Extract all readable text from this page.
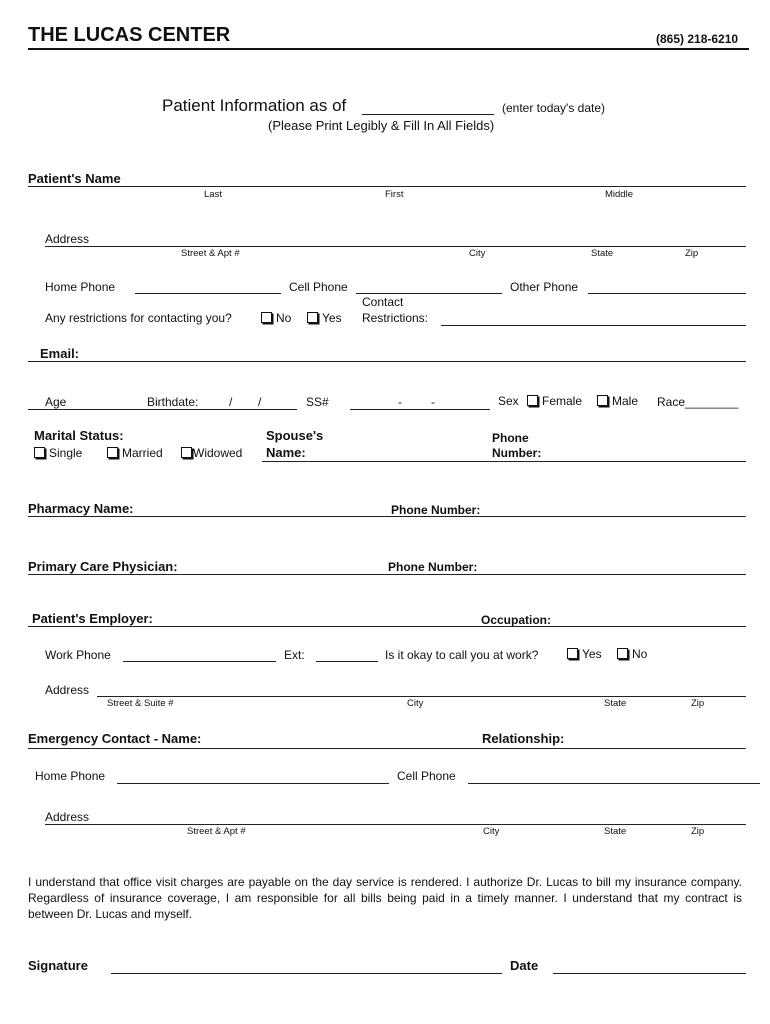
THE LUCAS CENTER	(865) 218-6210
Patient Information as of	(enter today's date)
(Please Print Legibly & Fill In All Fields)
Patient's Name
Last	First	Middle
Address
Street & Apt #	City	State	Zip
Home Phone	Cell Phone	Other Phone
Any restrictions for contacting you?	No	Yes
Contact
Restrictions:
Email:
Age	Birthdate:	/ /	SS#	- -	Sex	Female	Male Race________
Marital Status:
Single	Married	Widowed
Spouse's
Name:
Phone
Number:
Pharmacy Name:	Phone Number:
Primary Care Physician:	Phone Number:
Patient's Employer:	Occupation:
Work Phone	Ext:	Is it okay to call you at work?	Yes	No
Address
Street & Suite #	City	State	Zip
Emergency Contact - Name:	Relationship:
Home Phone	Cell Phone
Address
Street & Apt #	City	State	Zip
I understand that office visit charges are payable on the day service is rendered. I authorize Dr. Lucas to bill my insurance company. Regardless of insurance coverage, I am responsible for all bills being paid in a timely manner. I understand that my contract is between Dr. Lucas and myself.
Signature	Date
